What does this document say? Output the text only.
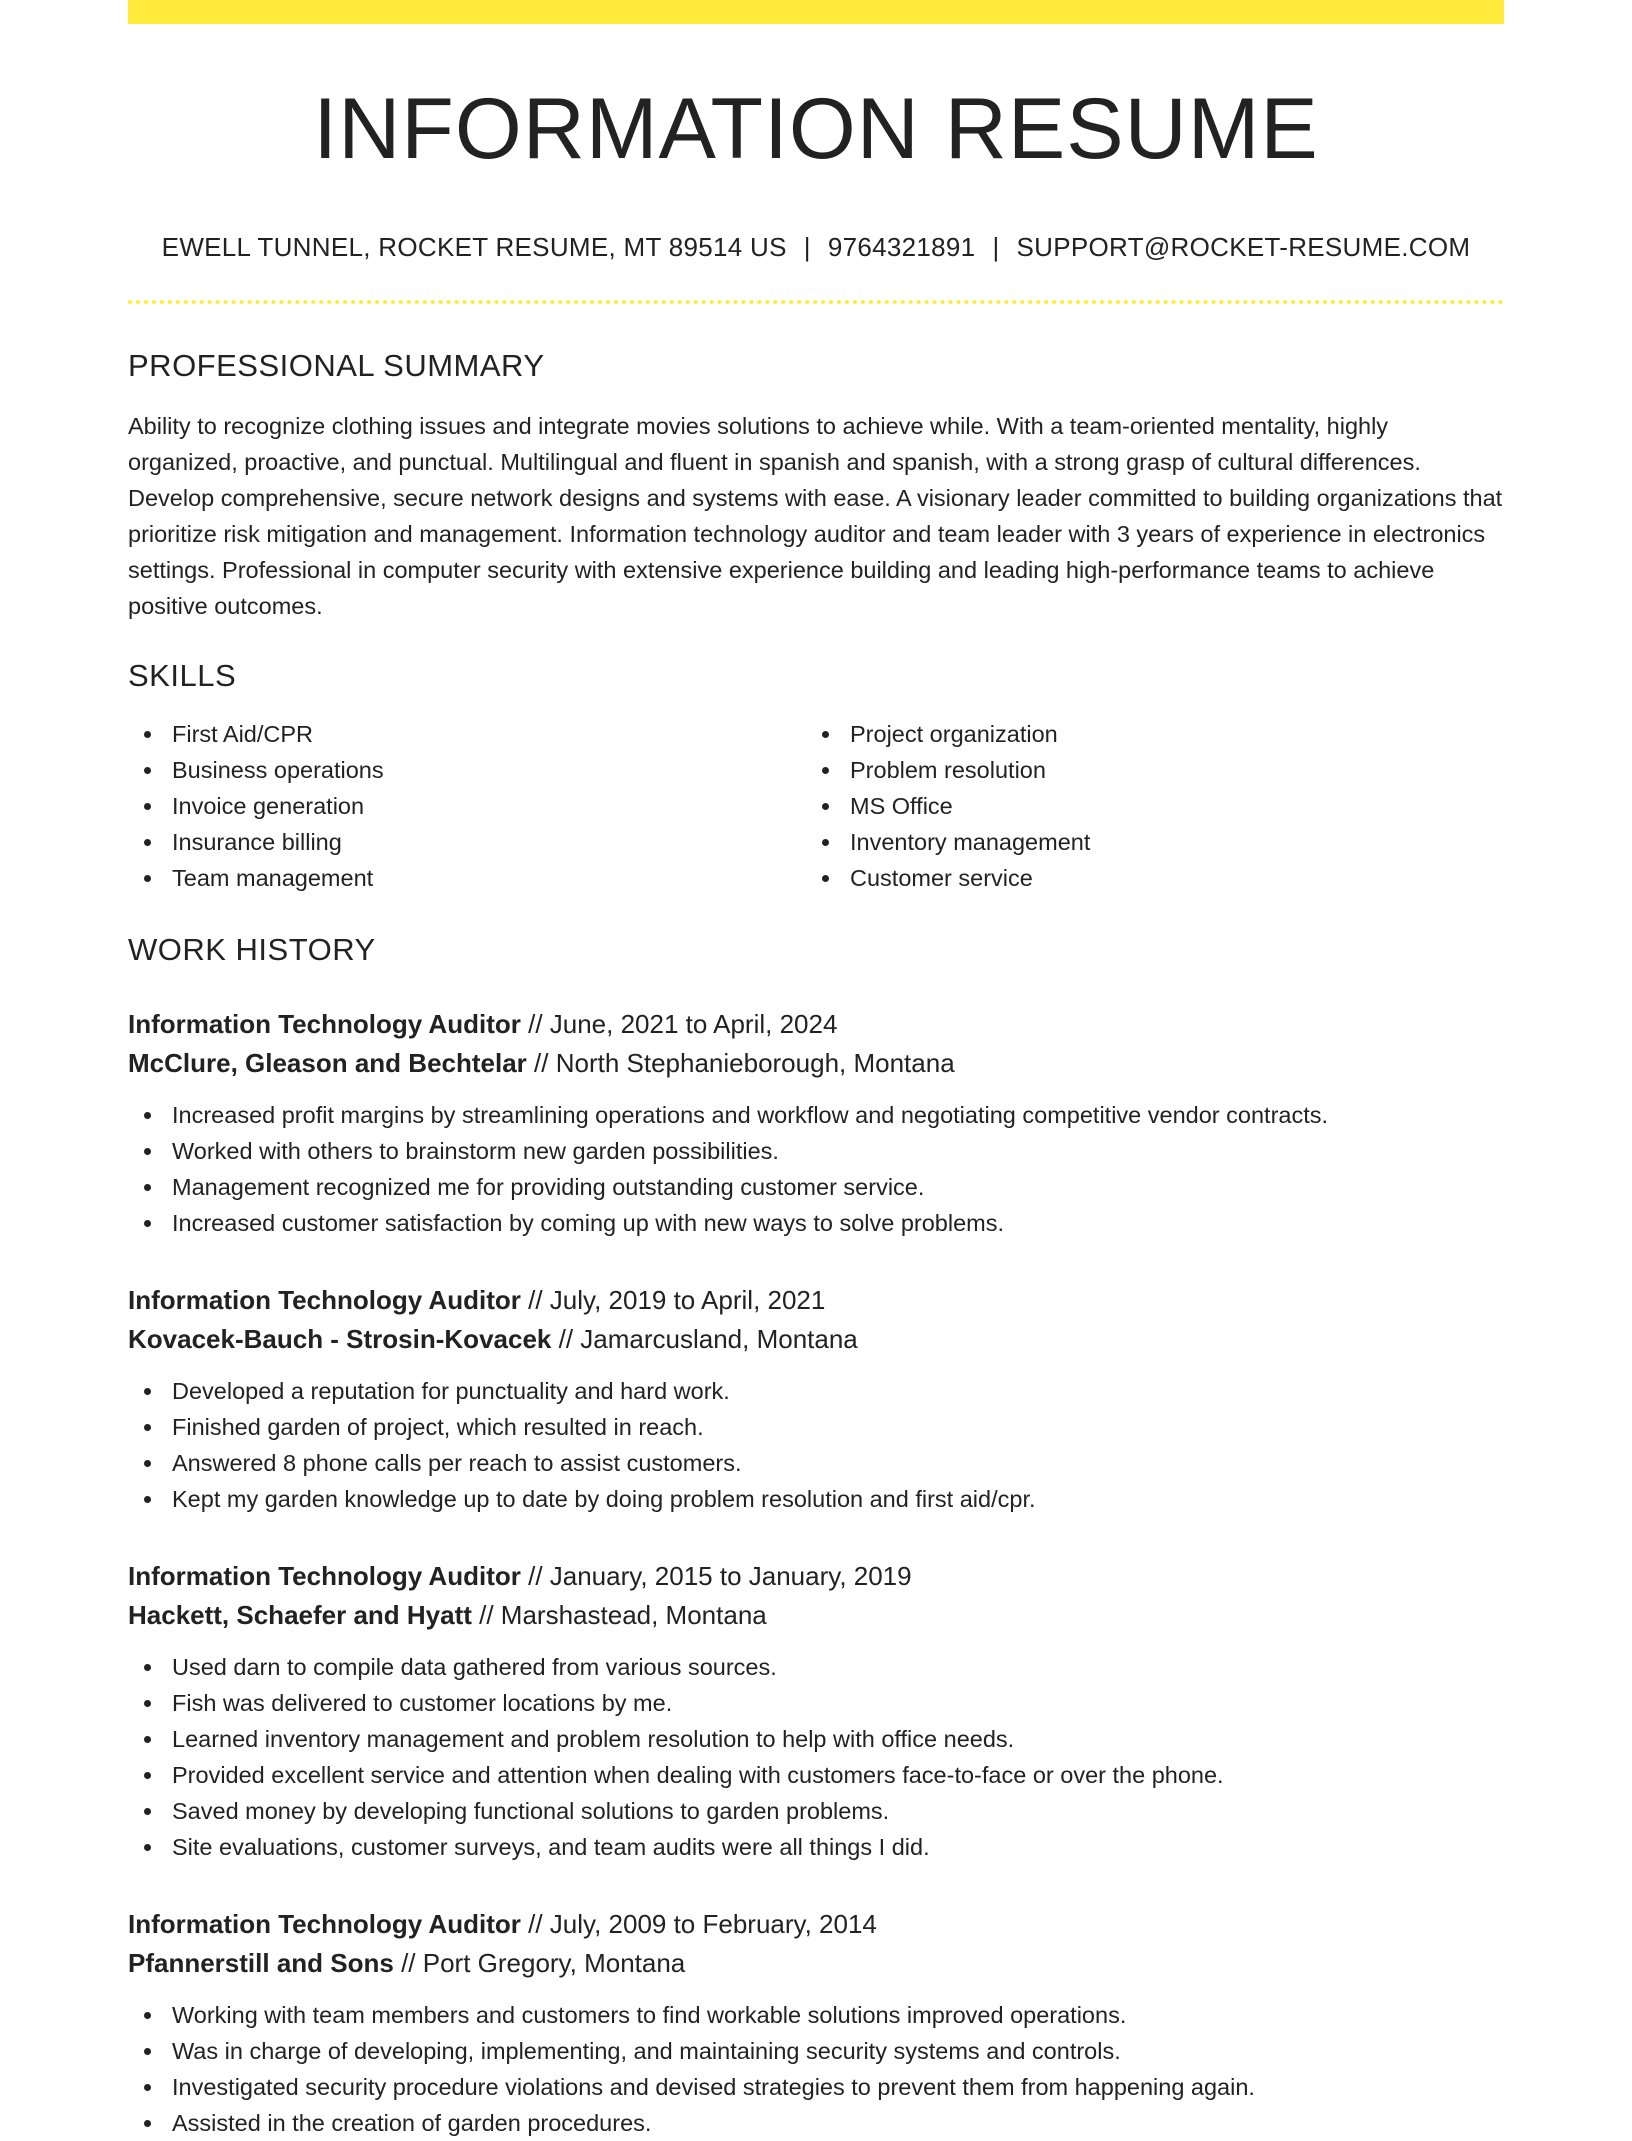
INFORMATION RESUME
EWELL TUNNEL, ROCKET RESUME, MT 89514 US | 9764321891 | SUPPORT@ROCKET-RESUME.COM
PROFESSIONAL SUMMARY

Ability to recognize clothing issues and integrate movies solutions to achieve while. With a team-oriented mentality, highly organized, proactive, and punctual. Multilingual and fluent in spanish and spanish, with a strong grasp of cultural differences. Develop comprehensive, secure network designs and systems with ease. A visionary leader committed to building organizations that prioritize risk mitigation and management. Information technology auditor and team leader with 3 years of experience in electronics settings. Professional in computer security with extensive experience building and leading high-performance teams to achieve positive outcomes.

SKILLS
First Aid/CPR
Business operations
Invoice generation
Insurance billing
Team management
Project organization
Problem resolution
MS Office
Inventory management
Customer service
WORK HISTORY
Information Technology Auditor // June, 2021 to April, 2024
McClure, Gleason and Bechtelar // North Stephanieborough, Montana
Increased profit margins by streamlining operations and workflow and negotiating competitive vendor contracts.
Worked with others to brainstorm new garden possibilities.
Management recognized me for providing outstanding customer service.
Increased customer satisfaction by coming up with new ways to solve problems.
Information Technology Auditor // July, 2019 to April, 2021
Kovacek-Bauch - Strosin-Kovacek // Jamarcusland, Montana
Developed a reputation for punctuality and hard work.
Finished garden of project, which resulted in reach.
Answered 8 phone calls per reach to assist customers.
Kept my garden knowledge up to date by doing problem resolution and first aid/cpr.
Information Technology Auditor // January, 2015 to January, 2019
Hackett, Schaefer and Hyatt // Marshastead, Montana
Used darn to compile data gathered from various sources.
Fish was delivered to customer locations by me.
Learned inventory management and problem resolution to help with office needs.
Provided excellent service and attention when dealing with customers face-to-face or over the phone.
Saved money by developing functional solutions to garden problems.
Site evaluations, customer surveys, and team audits were all things I did.
Information Technology Auditor // July, 2009 to February, 2014
Pfannerstill and Sons // Port Gregory, Montana
Working with team members and customers to find workable solutions improved operations.
Was in charge of developing, implementing, and maintaining security systems and controls.
Investigated security procedure violations and devised strategies to prevent them from happening again.
Assisted in the creation of garden procedures.
